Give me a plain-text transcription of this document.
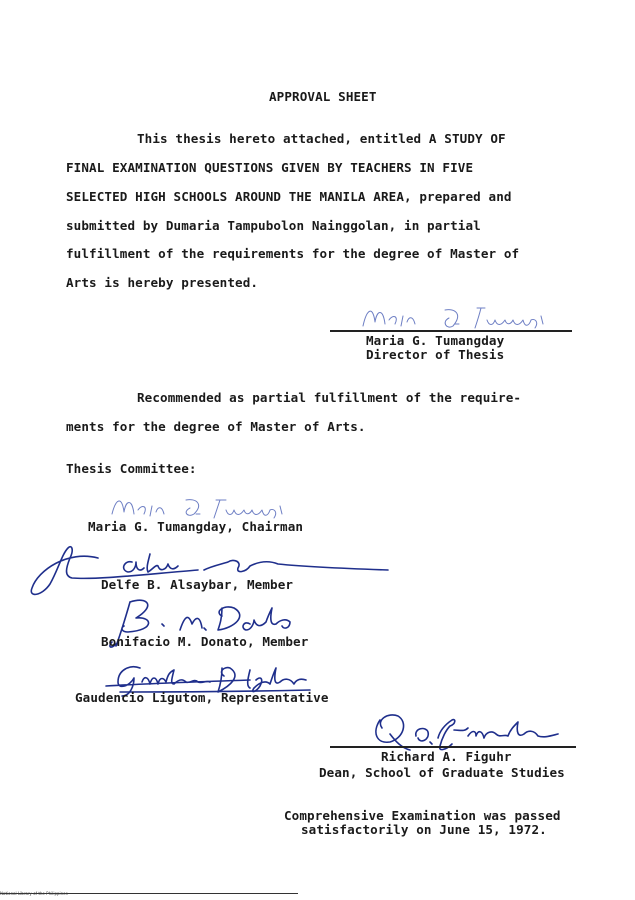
APPROVAL SHEET
This thesis hereto attached, entitled A STUDY OF
FINAL EXAMINATION QUESTIONS GIVEN BY TEACHERS IN FIVE
SELECTED HIGH SCHOOLS AROUND THE MANILA AREA, prepared and
submitted by Dumaria Tampubolon Nainggolan, in partial
fulfillment of the requirements for the degree of Master of
Arts is hereby presented.
Maria G. Tumangday
Director of Thesis
Recommended as partial fulfillment of the require-
ments for the degree of Master of Arts.
Thesis Committee:
Maria G. Tumangday, Chairman
Delfe B. Alsaybar, Member
Bonifacio M. Donato, Member
Gaudencio Ligutom, Representative
Richard A. Figuhr
Dean, School of Graduate Studies
Comprehensive Examination was passed
satisfactorily on June 15, 1972.
National Library of the Philippines
